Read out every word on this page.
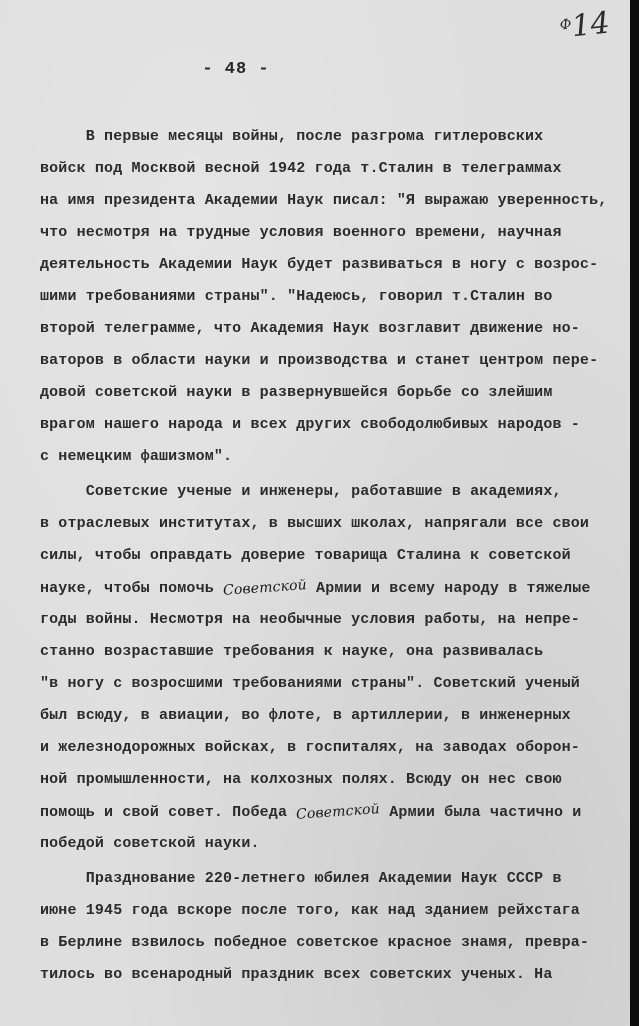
$^Ф$14
- 48 -
В первые месяцы войны, после разгрома гитлеровских
войск под Москвой весной 1942 года т.Сталин в телеграммах
на имя президента Академии Наук писал: "Я выражаю уверенность,
что несмотря на трудные условия военного времени, научная
деятельность Академии Наук будет развиваться в ногу с возрос-
шими требованиями страны". "Надеюсь, говорил т.Сталин во
второй телеграмме, что Академия Наук возглавит движение но-
ваторов в области науки и производства и станет центром пере-
довой советской науки в развернувшейся борьбе со злейшим
врагом нашего народа и всех других свободолюбивых народов -
с немецким фашизмом".
Советские ученые и инженеры, работавшие в академиях,
в отраслевых институтах, в высших школах, напрягали все свои
силы, чтобы оправдать доверие товарища Сталина к советской
науке, чтобы помочь Советской Армии и всему народу в тяжелые
годы войны. Несмотря на необычные условия работы, на непре-
станно возраставшие требования к науке, она развивалась
"в ногу с возросшими требованиями страны". Советский ученый
был всюду, в авиации, во флоте, в артиллерии, в инженерных
и железнодорожных войсках, в госпиталях, на заводах оборон-
ной промышленности, на колхозных полях. Всюду он нес свою
помощь и свой совет. Победа Советской Армии была частично и
победой советской науки.
Празднование 220-летнего юбилея Академии Наук СССР в
июне 1945 года вскоре после того, как над зданием рейхстага
в Берлине взвилось победное советское красное знамя, превра-
тилось во всенародный праздник всех советских ученых. На
